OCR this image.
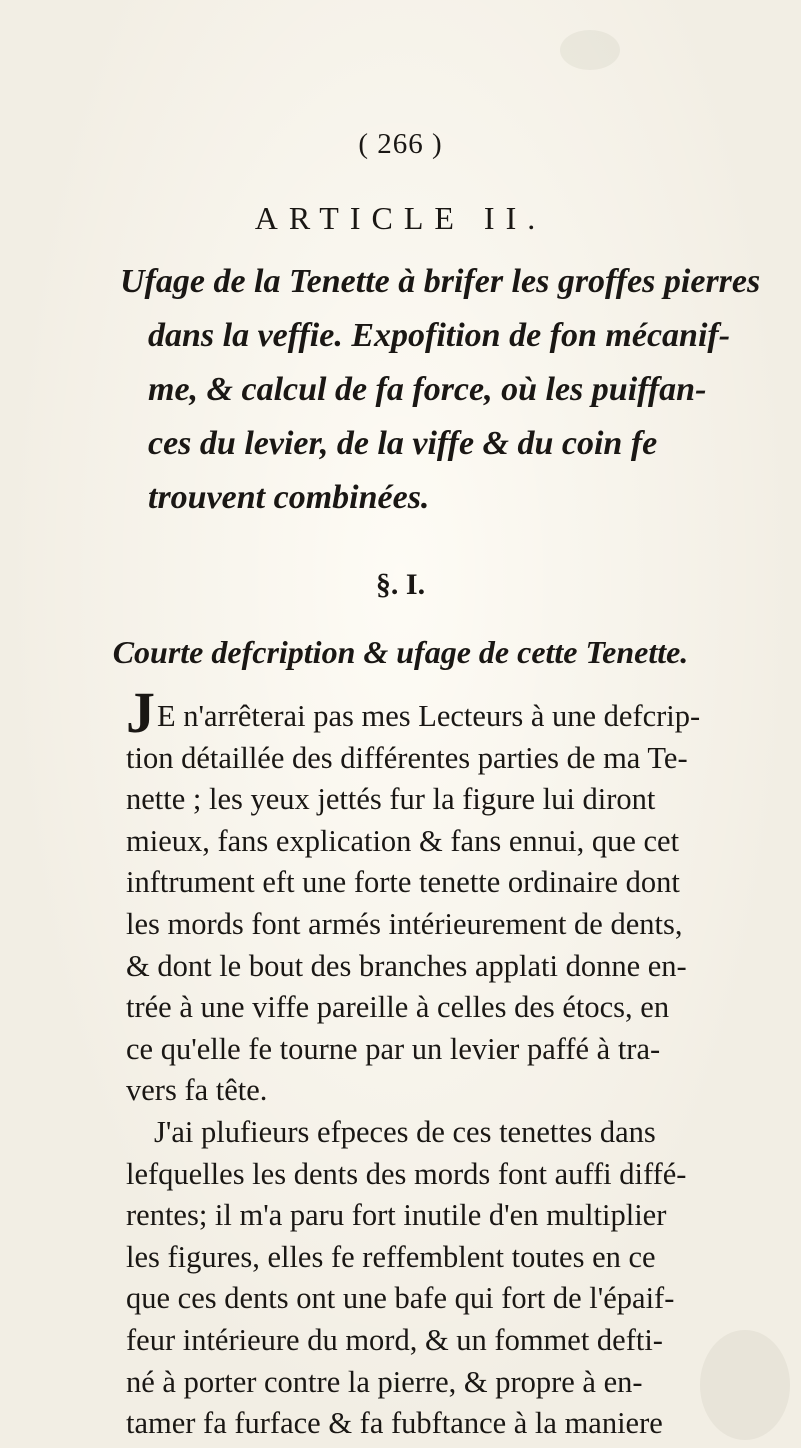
( 266 )
ARTICLE II.
Ufage de la Tenette à brifer les groffes pierres
dans la veffie. Expofition de fon mécanif-
me, & calcul de fa force, où les puiffan-
ces du levier, de la viffe & du coin fe
trouvent combinées.
§. I.
Courte defcription & ufage de cette Tenette.
JE n'arrêterai pas mes Lecteurs à une defcrip-
tion détaillée des différentes parties de ma Te-
nette ; les yeux jettés fur la figure lui diront
mieux, fans explication & fans ennui, que cet
inftrument eft une forte tenette ordinaire dont
les mords font armés intérieurement de dents,
& dont le bout des branches applati donne en-
trée à une viffe pareille à celles des étocs, en
ce qu'elle fe tourne par un levier paffé à tra-
vers fa tête.
J'ai plufieurs efpeces de ces tenettes dans
lefquelles les dents des mords font auffi diffé-
rentes; il m'a paru fort inutile d'en multiplier
les figures, elles fe reffemblent toutes en ce
que ces dents ont une bafe qui fort de l'épaif-
feur intérieure du mord, & un fommet defti-
né à porter contre la pierre, & propre à en-
tamer fa furface & fa fubftance à la maniere
